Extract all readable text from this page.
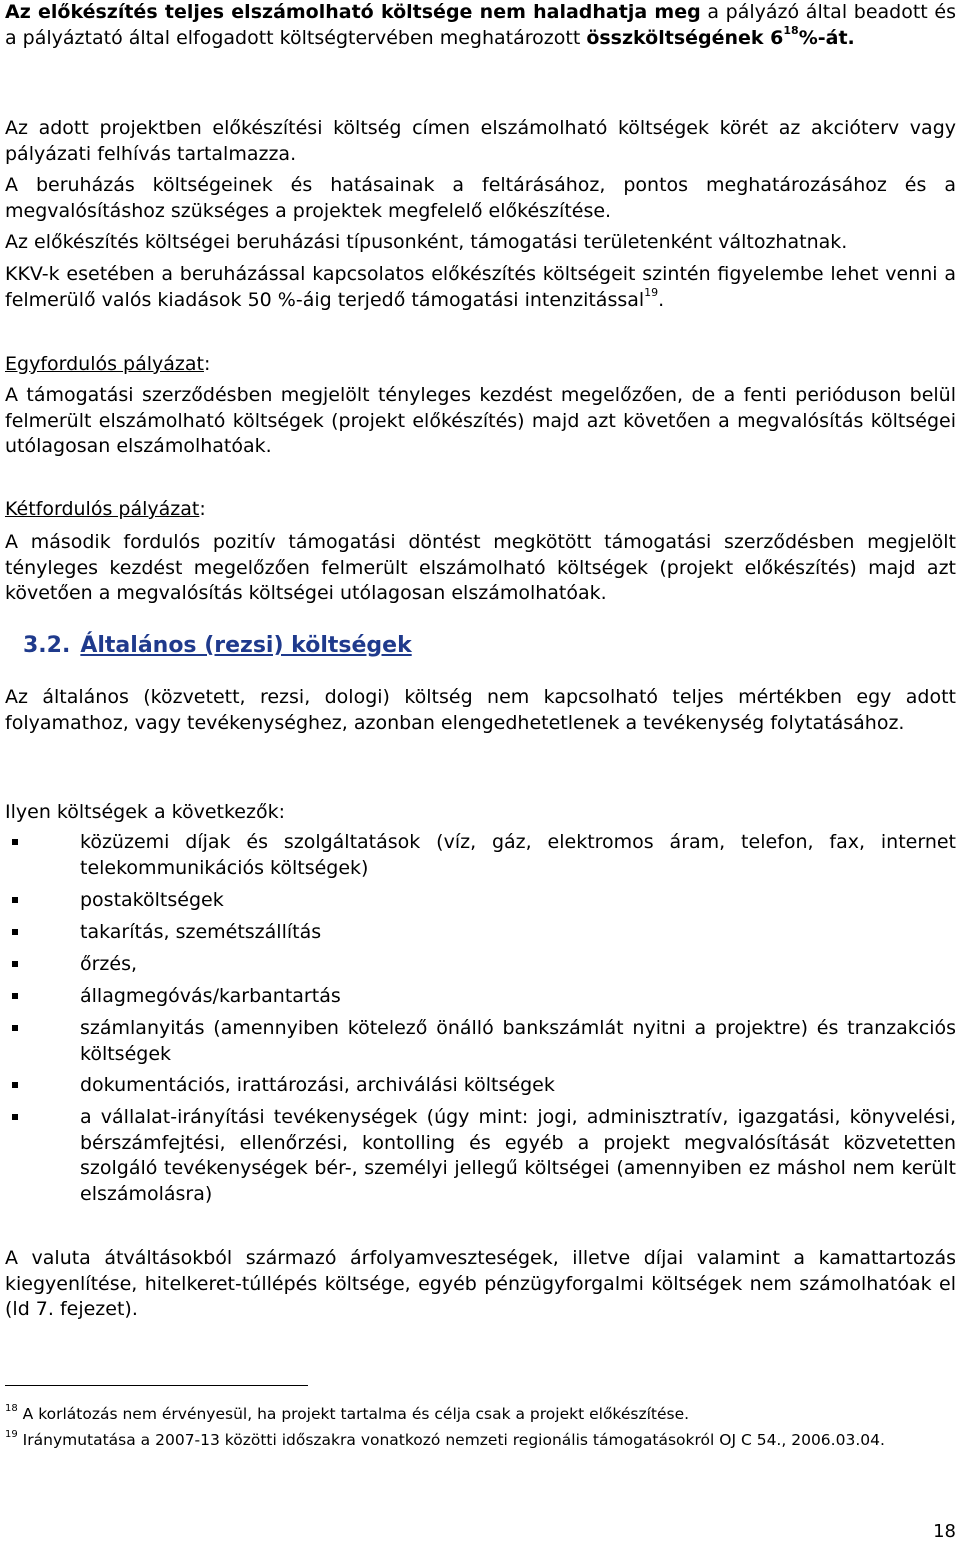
Az előkészítés teljes elszámolható költsége nem haladhatja meg a pályázó által beadott és a pályáztató által elfogadott költségtervében meghatározott összköltségének $6^{18}\%-át$.
Az adott projektben előkészítési költség címen elszámolható költségek körét az akcióterv vagy pályázati felhívás tartalmazza.
A beruházás költségeinek és hatásainak a feltárásához, pontos meghatározásához és a megvalósításhoz szükséges a projektek megfelelő előkészítése.
Az előkészítés költségei beruházási típusonként, támogatási területenként változhatnak.
KKV-k esetében a beruházással kapcsolatos előkészítés költségeit szintén figyelembe lehet venni a felmerülő valós kiadások 50 %-áig terjedő támogatási intenzitással$^{19}$.
Egyfordulós pályázat:
A támogatási szerződésben megjelölt tényleges kezdést megelőzően, de a fenti perióduson belül felmerült elszámolható költségek (projekt előkészítés) majd azt követően a megvalósítás költségei utólagosan elszámolhatóak.
Kétfordulós pályázat:
A második fordulós pozitív támogatási döntést megkötött támogatási szerződésben megjelölt tényleges kezdést megelőzően felmerült elszámolható költségek (projekt előkészítés) majd azt követően a megvalósítás költségei utólagosan elszámolhatóak.
3.2. Általános (rezsi) költségek
Az általános (közvetett, rezsi, dologi) költség nem kapcsolható teljes mértékben egy adott folyamathoz, vagy tevékenységhez, azonban elengedhetetlenek a tevékenység folytatásához.
Ilyen költségek a következők:
közüzemi díjak és szolgáltatások (víz, gáz, elektromos áram, telefon, fax, internet telekommunikációs költségek)
postaköltségek
takarítás, szemétszállítás
őrzés,
állagmegóvás/karbantartás
számlanyitás (amennyiben kötelező önálló bankszámlát nyitni a projektre) és tranzakciós költségek
dokumentációs, irattározási, archiválási költségek
a vállalat-irányítási tevékenységek (úgy mint: jogi, adminisztratív, igazgatási, könyvelési, bérszámfejtési, ellenőrzési, kontolling és egyéb a projekt megvalósítását közvetetten szolgáló tevékenységek bér-, személyi jellegű költségei (amennyiben ez máshol nem került elszámolásra)
A valuta átváltásokból származó árfolyamveszteségek, illetve díjai valamint a kamattartozás kiegyenlítése, hitelkeret-túllépés költsége, egyéb pénzügyforgalmi költségek nem számolhatóak el (ld 7. fejezet).
$^{18}$ A korlátozás nem érvényesül, ha projekt tartalma és célja csak a projekt előkészítése.
$^{19}$ Iránymutatása a 2007-13 közötti időszakra vonatkozó nemzeti regionális támogatásokról OJ C 54., 2006.03.04.
18
